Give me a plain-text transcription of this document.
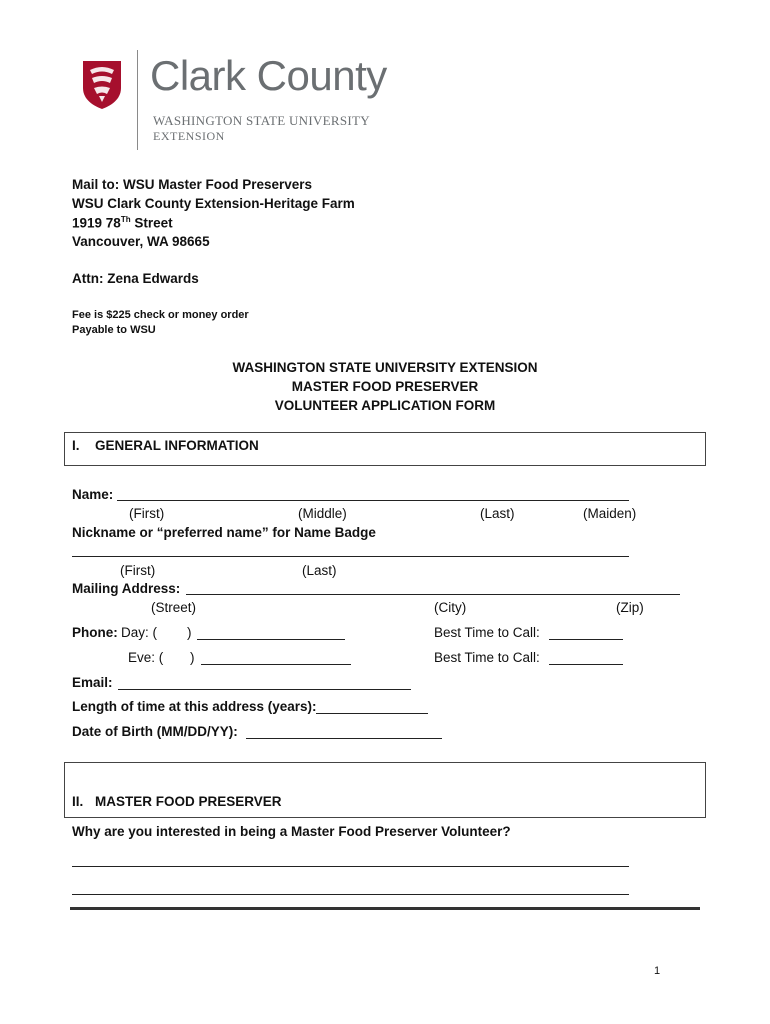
Clark County
WASHINGTON STATE UNIVERSITY
EXTENSION
Mail to: WSU Master Food Preservers
WSU Clark County Extension-Heritage Farm
1919 78Th Street
Vancouver, WA 98665
Attn: Zena Edwards
Fee is $225 check or money order
Payable to WSU
WASHINGTON STATE UNIVERSITY EXTENSION
MASTER FOOD PRESERVER
VOLUNTEER APPLICATION FORM
I. GENERAL INFORMATION
Name:
(First)	(Middle)	(Last)	(Maiden)
Nickname or “preferred name” for Name Badge
(First)	(Last)
Mailing Address:
(Street)	(City)	(Zip)
Phone: Day: ( )	Best Time to Call:
Eve: ( )	Best Time to Call:
Email:
Length of time at this address (years):
Date of Birth (MM/DD/YY):
II. MASTER FOOD PRESERVER
Why are you interested in being a Master Food Preserver Volunteer?
1
